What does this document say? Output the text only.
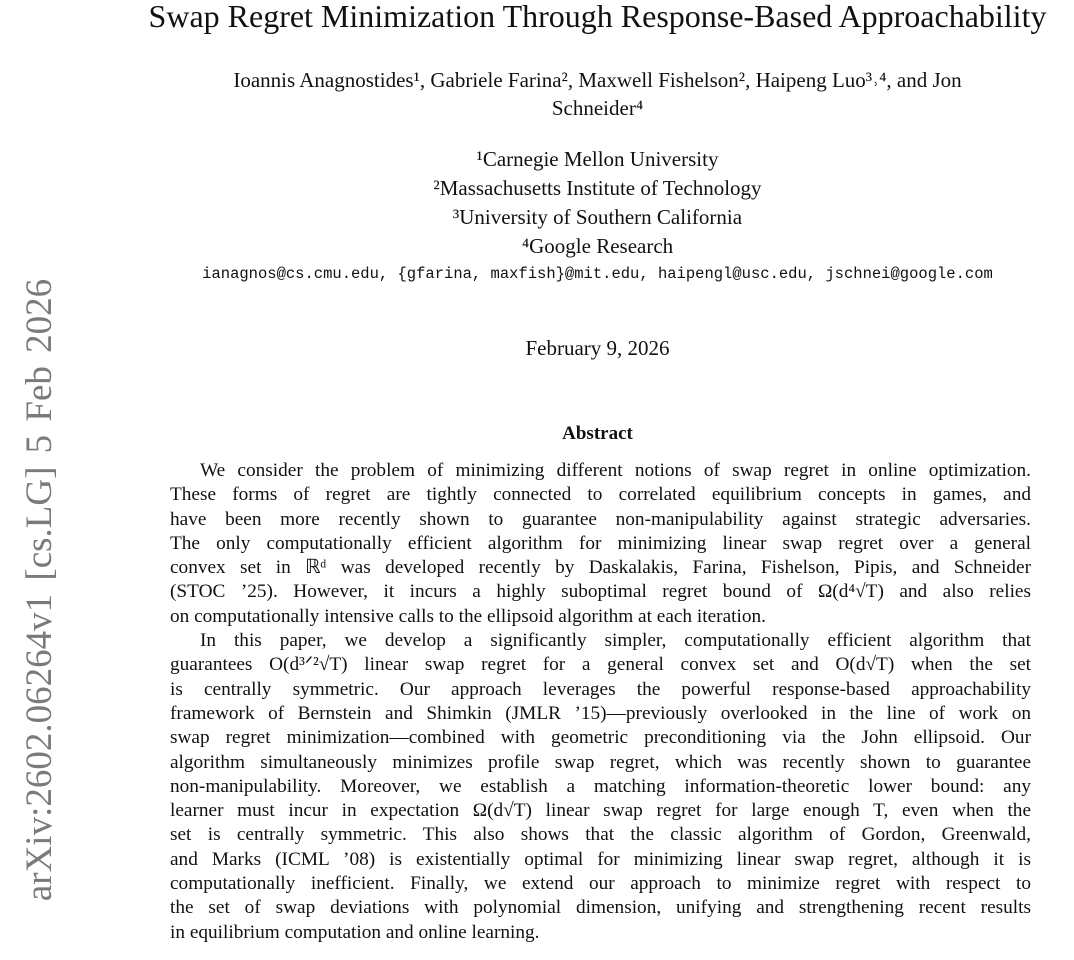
arXiv:2602.06264v1 [cs.LG] 5 Feb 2026
Swap Regret Minimization Through Response-Based Approachability
Ioannis Anagnostides¹, Gabriele Farina², Maxwell Fishelson², Haipeng Luo³˒⁴, and Jon
Schneider⁴
¹Carnegie Mellon University
²Massachusetts Institute of Technology
³University of Southern California
⁴Google Research
ianagnos@cs.cmu.edu, {gfarina, maxfish}@mit.edu, haipengl@usc.edu, jschnei@google.com
February 9, 2026
Abstract
We consider the problem of minimizing different notions of swap regret in online optimization.
These forms of regret are tightly connected to correlated equilibrium concepts in games, and
have been more recently shown to guarantee non-manipulability against strategic adversaries.
The only computationally efficient algorithm for minimizing linear swap regret over a general
convex set in ℝᵈ was developed recently by Daskalakis, Farina, Fishelson, Pipis, and Schneider
(STOC ’25). However, it incurs a highly suboptimal regret bound of Ω(d⁴√T) and also relies
on computationally intensive calls to the ellipsoid algorithm at each iteration.
In this paper, we develop a significantly simpler, computationally efficient algorithm that
guarantees O(d³ᐟ²√T) linear swap regret for a general convex set and O(d√T) when the set
is centrally symmetric. Our approach leverages the powerful response-based approachability
framework of Bernstein and Shimkin (JMLR ’15)—previously overlooked in the line of work on
swap regret minimization—combined with geometric preconditioning via the John ellipsoid. Our
algorithm simultaneously minimizes profile swap regret, which was recently shown to guarantee
non-manipulability. Moreover, we establish a matching information-theoretic lower bound: any
learner must incur in expectation Ω(d√T) linear swap regret for large enough T, even when the
set is centrally symmetric. This also shows that the classic algorithm of Gordon, Greenwald,
and Marks (ICML ’08) is existentially optimal for minimizing linear swap regret, although it is
computationally inefficient. Finally, we extend our approach to minimize regret with respect to
the set of swap deviations with polynomial dimension, unifying and strengthening recent results
in equilibrium computation and online learning.
